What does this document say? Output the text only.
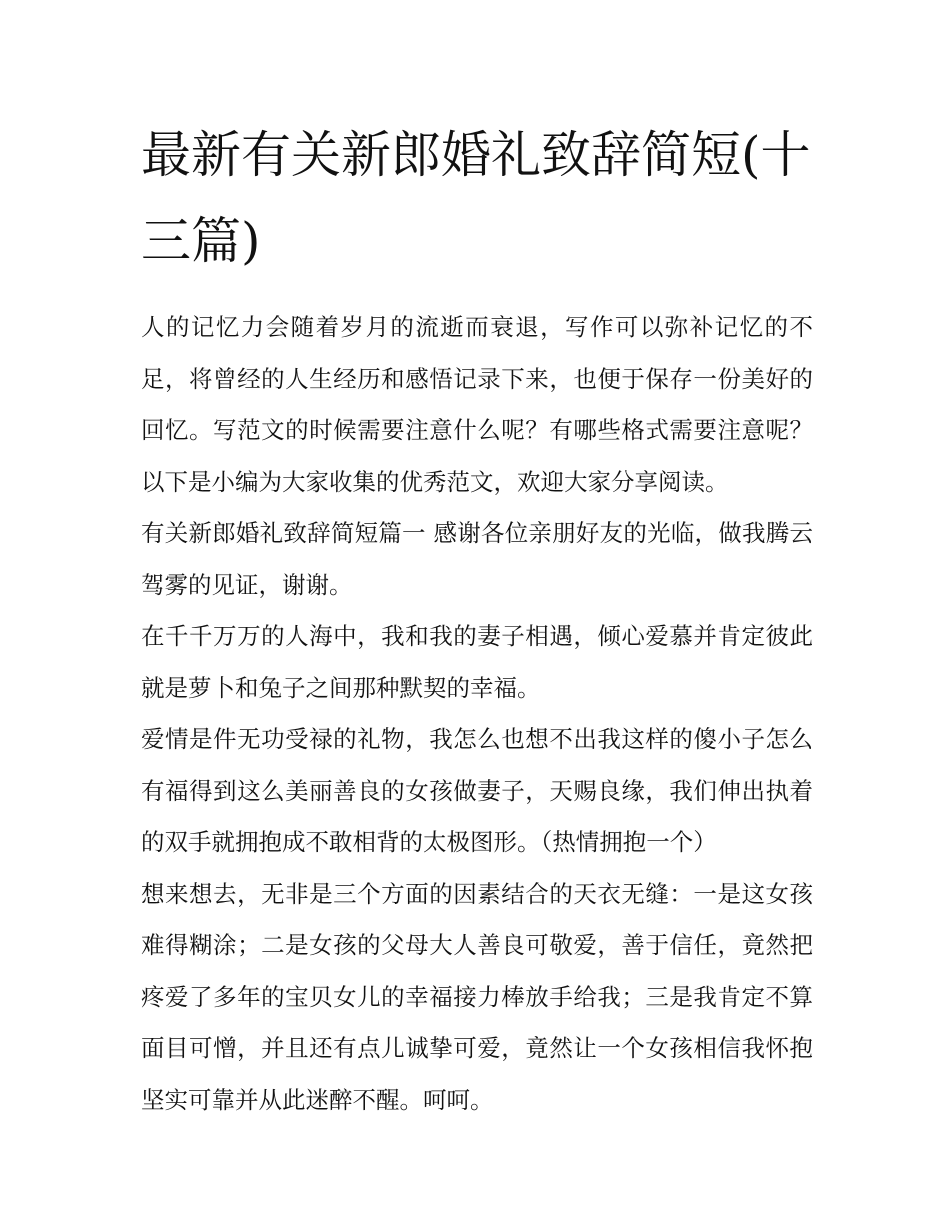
最新有关新郎婚礼致辞简短(十三篇)

人的记忆力会随着岁月的流逝而衰退，写作可以弥补记忆的不足，将曾经的人生经历和感悟记录下来，也便于保存一份美好的回忆。写范文的时候需要注意什么呢？有哪些格式需要注意呢？以下是小编为大家收集的优秀范文，欢迎大家分享阅读。

有关新郎婚礼致辞简短篇一 感谢各位亲朋好友的光临，做我腾云驾雾的见证，谢谢。

在千千万万的人海中，我和我的妻子相遇，倾心爱慕并肯定彼此就是萝卜和兔子之间那种默契的幸福。

爱情是件无功受禄的礼物，我怎么也想不出我这样的傻小子怎么有福得到这么美丽善良的女孩做妻子，天赐良缘，我们伸出执着的双手就拥抱成不敢相背的太极图形。（热情拥抱一个）

想来想去，无非是三个方面的因素结合的天衣无缝：一是这女孩难得糊涂；二是女孩的父母大人善良可敬爱，善于信任，竟然把疼爱了多年的宝贝女儿的幸福接力棒放手给我；三是我肯定不算面目可憎，并且还有点儿诚挚可爱，竟然让一个女孩相信我怀抱坚实可靠并从此迷醉不醒。呵呵。
